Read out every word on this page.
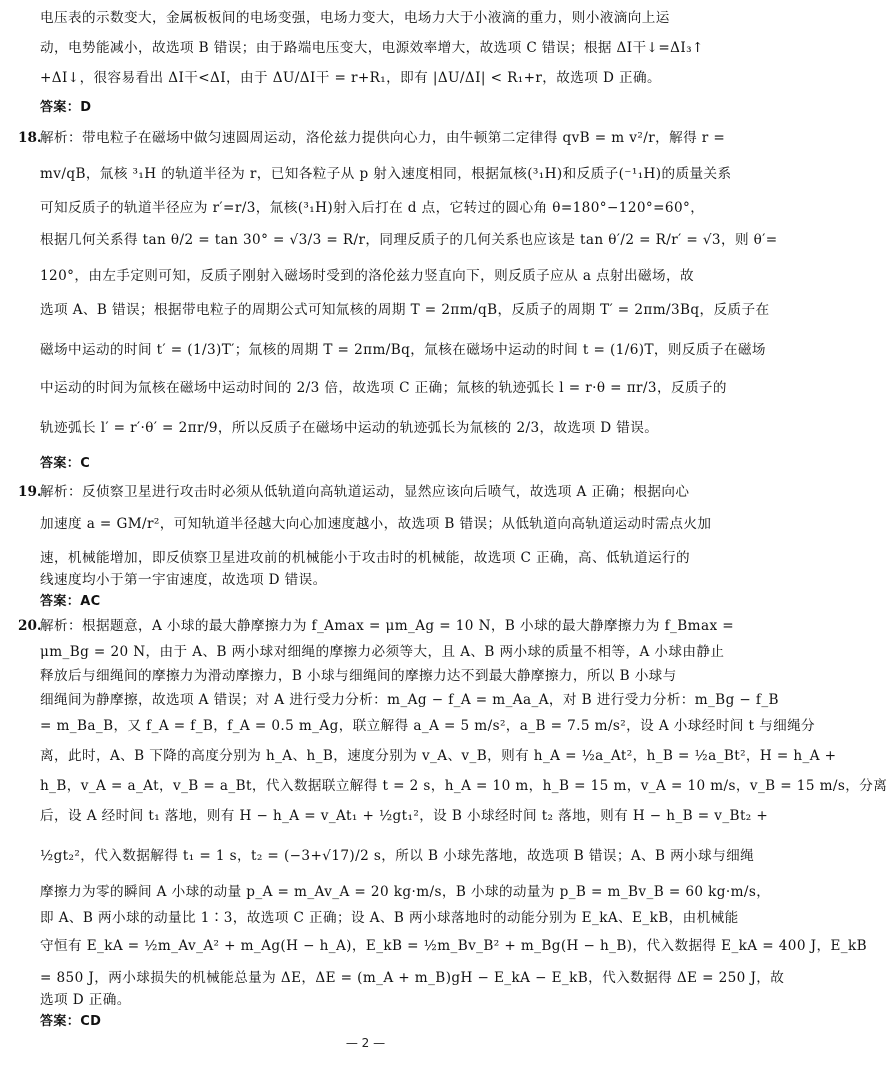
电压表的示数变大，金属板板间的电场变强，电场力变大，电场力大于小液滴的重力，则小液滴向上运
动，电势能减小，故选项 B 错误；由于路端电压变大，电源效率增大，故选项 C 错误；根据 ΔI干↓=ΔI₃↑
+ΔI↓，很容易看出 ΔI干<ΔI，由于 ΔU/ΔI干 = r+R₁，即有 |ΔU/ΔI| < R₁+r，故选项 D 正确。
答案：D
18.
解析：带电粒子在磁场中做匀速圆周运动，洛伦兹力提供向心力，由牛顿第二定律得 qvB = m v²/r，解得 r =
mv/qB，氚核 ³₁H 的轨道半径为 r，已知各粒子从 p 射入速度相同，根据氚核(³₁H)和反质子(⁻¹₁H)的质量关系
可知反质子的轨道半径应为 r′=r/3，氚核(³₁H)射入后打在 d 点，它转过的圆心角 θ=180°−120°=60°，
根据几何关系得 tan θ/2 = tan 30° = √3/3 = R/r，同理反质子的几何关系也应该是 tan θ′/2 = R/r′ = √3，则 θ′=
120°，由左手定则可知，反质子刚射入磁场时受到的洛伦兹力竖直向下，则反质子应从 a 点射出磁场，故
选项 A、B 错误；根据带电粒子的周期公式可知氚核的周期 T = 2πm/qB，反质子的周期 T′ = 2πm/3Bq，反质子在
磁场中运动的时间 t′ = (1/3)T′；氚核的周期 T = 2πm/Bq，氚核在磁场中运动的时间 t = (1/6)T，则反质子在磁场
中运动的时间为氚核在磁场中运动时间的 2/3 倍，故选项 C 正确；氚核的轨迹弧长 l = r·θ = πr/3，反质子的
轨迹弧长 l′ = r′·θ′ = 2πr/9，所以反质子在磁场中运动的轨迹弧长为氚核的 2/3，故选项 D 错误。
答案：C
19.
解析：反侦察卫星进行攻击时必须从低轨道向高轨道运动，显然应该向后喷气，故选项 A 正确；根据向心
加速度 a = GM/r²，可知轨道半径越大向心加速度越小，故选项 B 错误；从低轨道向高轨道运动时需点火加
速，机械能增加，即反侦察卫星进攻前的机械能小于攻击时的机械能，故选项 C 正确，高、低轨道运行的
线速度均小于第一宇宙速度，故选项 D 错误。
答案：AC
20.
解析：根据题意，A 小球的最大静摩擦力为 f_Amax = μm_Ag = 10 N，B 小球的最大静摩擦力为 f_Bmax =
μm_Bg = 20 N，由于 A、B 两小球对细绳的摩擦力必须等大，且 A、B 两小球的质量不相等，A 小球由静止
释放后与细绳间的摩擦力为滑动摩擦力，B 小球与细绳间的摩擦力达不到最大静摩擦力，所以 B 小球与
细绳间为静摩擦，故选项 A 错误；对 A 进行受力分析：m_Ag − f_A = m_Aa_A，对 B 进行受力分析：m_Bg − f_B
= m_Ba_B，又 f_A = f_B，f_A = 0.5 m_Ag，联立解得 a_A = 5 m/s²，a_B = 7.5 m/s²，设 A 小球经时间 t 与细绳分
离，此时，A、B 下降的高度分别为 h_A、h_B，速度分别为 v_A、v_B，则有 h_A = ½a_At²，h_B = ½a_Bt²，H = h_A +
h_B，v_A = a_At，v_B = a_Bt，代入数据联立解得 t = 2 s，h_A = 10 m，h_B = 15 m，v_A = 10 m/s，v_B = 15 m/s，分离
后，设 A 经时间 t₁ 落地，则有 H − h_A = v_At₁ + ½gt₁²，设 B 小球经时间 t₂ 落地，则有 H − h_B = v_Bt₂ +
½gt₂²，代入数据解得 t₁ = 1 s，t₂ = (−3+√17)/2 s，所以 B 小球先落地，故选项 B 错误；A、B 两小球与细绳
摩擦力为零的瞬间 A 小球的动量 p_A = m_Av_A = 20 kg·m/s，B 小球的动量为 p_B = m_Bv_B = 60 kg·m/s，
即 A、B 两小球的动量比 1∶3，故选项 C 正确；设 A、B 两小球落地时的动能分别为 E_kA、E_kB，由机械能
守恒有 E_kA = ½m_Av_A² + m_Ag(H − h_A)，E_kB = ½m_Bv_B² + m_Bg(H − h_B)，代入数据得 E_kA = 400 J，E_kB
= 850 J，两小球损失的机械能总量为 ΔE，ΔE = (m_A + m_B)gH − E_kA − E_kB，代入数据得 ΔE = 250 J，故
选项 D 正确。
答案：CD
— 2 —
